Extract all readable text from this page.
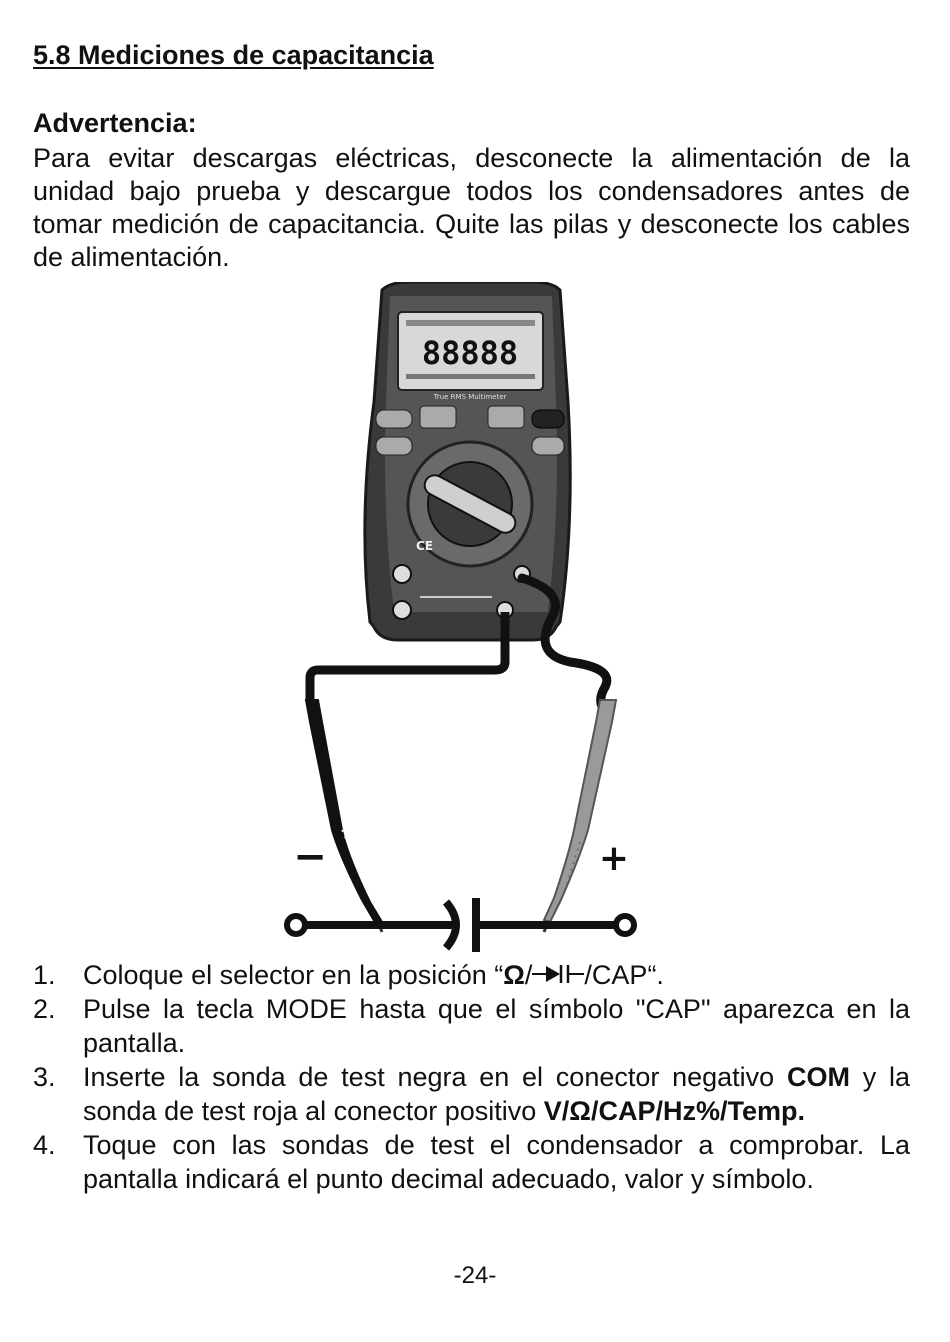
5.8 Mediciones de capacitancia
Advertencia:

Para evitar descargas eléctricas, desconecte la alimentación de la unidad bajo prueba y descargue todos los condensadores antes de tomar medición de capacitancia. Quite las pilas y desconecte los cables de alimentación.

88888
True RMS Multimeter
CE
−	+
1. Coloque el selector en la posición “Ω/ /CAP“.
2. Pulse la tecla MODE hasta que el símbolo "CAP" aparezca en la pantalla.
3. Inserte la sonda de test negra en el conector negativo COM y la sonda de test roja al conector positivo V/Ω/CAP/Hz%/Temp.
4. Toque con las sondas de test el condensador a comprobar. La pantalla indicará el punto decimal adecuado, valor y símbolo.
-24-
